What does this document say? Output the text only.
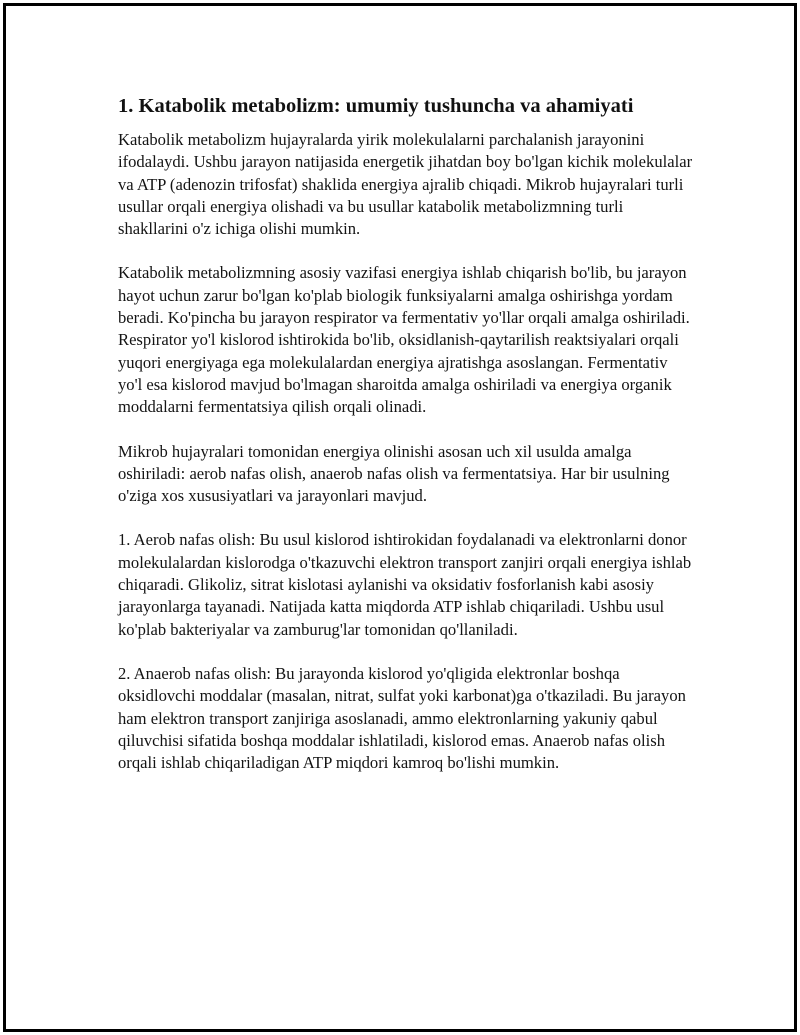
1. Katabolik metabolizm: umumiy tushuncha va ahamiyati

Katabolik metabolizm hujayralarda yirik molekulalarni parchalanish jarayonini ifodalaydi. Ushbu jarayon natijasida energetik jihatdan boy bo'lgan kichik molekulalar va ATP (adenozin trifosfat) shaklida energiya ajralib chiqadi. Mikrob hujayralari turli usullar orqali energiya olishadi va bu usullar katabolik metabolizmning turli shakllarini o'z ichiga olishi mumkin.

Katabolik metabolizmning asosiy vazifasi energiya ishlab chiqarish bo'lib, bu jarayon hayot uchun zarur bo'lgan ko'plab biologik funksiyalarni amalga oshirishga yordam beradi. Ko'pincha bu jarayon respirator va fermentativ yo'llar orqali amalga oshiriladi. Respirator yo'l kislorod ishtirokida bo'lib, oksidlanish-qaytarilish reaktsiyalari orqali yuqori energiyaga ega molekulalardan energiya ajratishga asoslangan. Fermentativ yo'l esa kislorod mavjud bo'lmagan sharoitda amalga oshiriladi va energiya organik moddalarni fermentatsiya qilish orqali olinadi.

Mikrob hujayralari tomonidan energiya olinishi asosan uch xil usulda amalga oshiriladi: aerob nafas olish, anaerob nafas olish va fermentatsiya. Har bir usulning o'ziga xos xususiyatlari va jarayonlari mavjud.

1. Aerob nafas olish: Bu usul kislorod ishtirokidan foydalanadi va elektronlarni donor molekulalardan kislorodga o'tkazuvchi elektron transport zanjiri orqali energiya ishlab chiqaradi. Glikoliz, sitrat kislotasi aylanishi va oksidativ fosforlanish kabi asosiy jarayonlarga tayanadi. Natijada katta miqdorda ATP ishlab chiqariladi. Ushbu usul ko'plab bakteriyalar va zamburug'lar tomonidan qo'llaniladi.

2. Anaerob nafas olish: Bu jarayonda kislorod yo'qligida elektronlar boshqa oksidlovchi moddalar (masalan, nitrat, sulfat yoki karbonat)ga o'tkaziladi. Bu jarayon ham elektron transport zanjiriga asoslanadi, ammo elektronlarning yakuniy qabul qiluvchisi sifatida boshqa moddalar ishlatiladi, kislorod emas. Anaerob nafas olish orqali ishlab chiqariladigan ATP miqdori kamroq bo'lishi mumkin.
